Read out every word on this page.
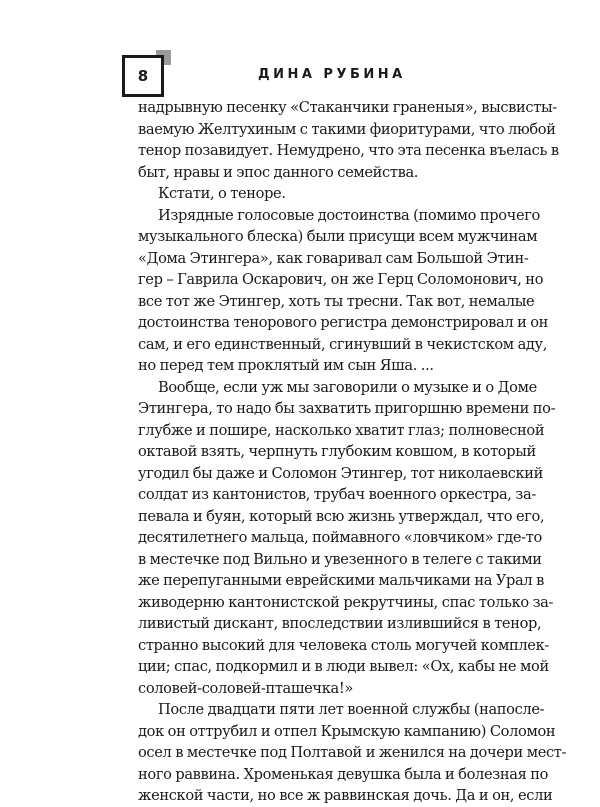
8	ДИНА РУБИНА
надрывную песенку «Стаканчики граненыя», высвисты-
ваемую Желтухиным с такими фиоритурами, что любой
тенор позавидует. Немудрено, что эта песенка въелась в
быт, нравы и эпос данного семейства.
Кстати, о теноре.
Изрядные голосовые достоинства (помимо прочего
музыкального блеска) были присущи всем мужчинам
«Дома Этингера», как говаривал сам Большой Этин-
гер – Гаврила Оскарович, он же Герц Соломонович, но
все тот же Этингер, хоть ты тресни. Так вот, немалые
достоинства тенорового регистра демонстрировал и он
сам, и его единственный, сгинувший в чекистском аду,
но перед тем проклятый им сын Яша. ...
Вообще, если уж мы заговорили о музыке и о Доме
Этингера, то надо бы захватить пригоршню времени по-
глубже и пошире, насколько хватит глаз; полновесной
октавой взять, черпнуть глубоким ковшом, в который
угодил бы даже и Соломон Этингер, тот николаевский
солдат из кантонистов, трубач военного оркестра, за-
певала и буян, который всю жизнь утверждал, что его,
десятилетнего мальца, поймавного «ловчиком» где-то
в местечке под Вильно и увезенного в телеге с такими
же перепуганными еврейскими мальчиками на Урал в
живодерню кантонистской рекрутчины, спас только за-
ливистый дискант, впоследствии излившийся в тенор,
странно высокий для человека столь могучей комплек-
ции; спас, подкормил и в люди вывел: «Ох, кабы не мой
соловей-соловей-пташечка!»
После двадцати пяти лет военной службы (напосле-
док он оттрубил и отпел Крымскую кампанию) Соломон
осел в местечке под Полтавой и женился на дочери мест-
ного раввина. Хроменькая девушка была и болезная по
женской части, но все ж раввинская дочь. Да и он, если
